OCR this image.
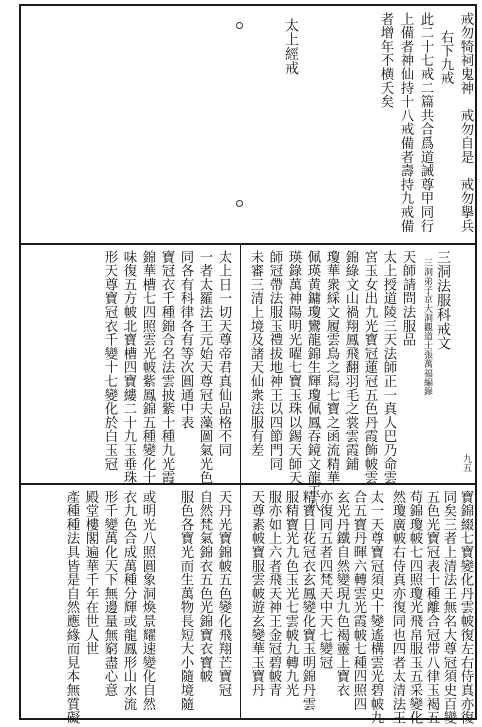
戒勿犄祠鬼神　戒勿自是　戒勿擧兵
右下九戒
此二十七戒二篇共合爲道誡尊甲同行
上備者神仙持十八戒備者壽持九戒備
者增年不横夭矣
太上經戒
三洞法服科戒文
三洞弟子京大洞觀道士張萬福編錄
九五
天師請問法服品
太上授道陵三天法師正一真人巴乃命雲
宮玉女出九光寶冠蓮冠五色丹霞飾帔雲
錦綠文山禍翔鳳飛翻羽毛之裳雲霞鋪
瓊華衆綵文履雲鳥之舄七寶之函流精華
佩瑛黄鏞瓊鸞龍錦生輝瓊佩鳳吞鏡文龍玉八
瑛錄萬神陽明光曜七寶玉珠以錫天師天
師冠帶法服玉禮拔地神王以四節門同
未審三清上境及諸天仙衆法服有差
太上日一切天尊帝君真仙品格不同
一者太羅法王元始天尊冠夫藻圖氣光色
同各有科律各有等次圓通中表
寶冠衣千種錦合名法雲披紫十種九光霞
錦華槽七四照雲光帔紫鳳錦五種變化十
味復五方帔北寶槽四寶縷二十九玉垂珠
形天尊寶冠衣千變十七變化於白玉冠
寶錦綴七寶變化丹雲帔復左右侍真亦復
同矣三者上清法王無名大尊冠須史百變
五色光寶冠表十種離合冠带八律玉褐五
苟錦瓊帔七四照瓊光飛帛服玉五采變化
然瓊廣帔右侍真亦復同也四者太清法王
太一天尊寶冠須史十變遙構雲光碧帔九
合五寶丹暉六轉雲光霞帔七種四照四
玄光丹鐵自然變現九色褐靈上寶衣
亦復同五者四梵天中天七變冠
精寶日花冠衣玄鳳變化寶玉明錦丹雲
服精寶光九色玉光七雲帔九轉九光
服亦如上六者飛天神王金冠碧帔青
天尊素帔寶服雲帔遊玄變華玉寶丹
天丹光寶錦帔五色變化飛翔芒寶冠
自然梵氣錦衣五色光錦寶衣寶帔
服色各寶光而生萬物長短大小隨境隨
或明光八照圓象洞煥景耀速變化自然
衣九色合成萬種分輝或龍鳳形山水流
形千變萬化天下無邊量無窮盡心意
殿堂樓閣遍華千年在世人世
產種種法具皆是自然應緣而見本無質礙
